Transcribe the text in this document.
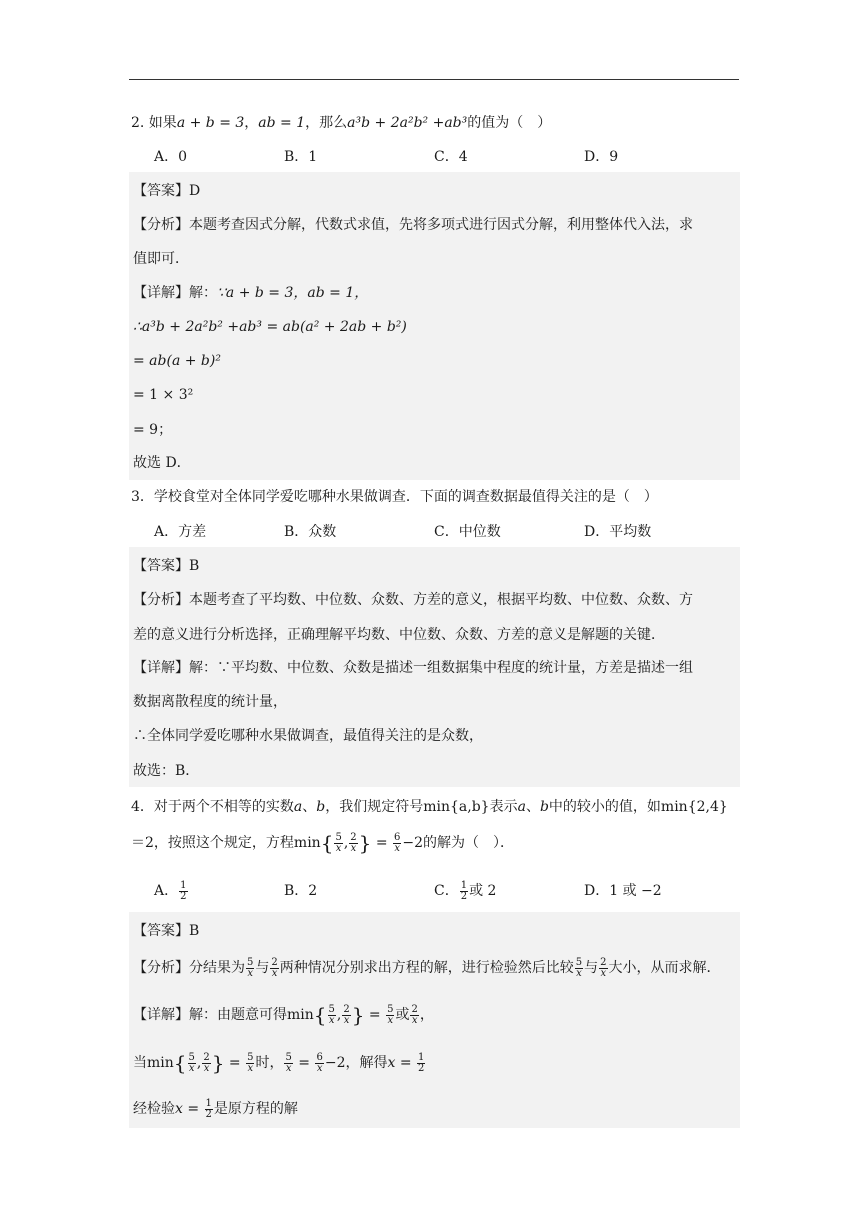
2. 如果a + b = 3，ab = 1，那么a³b + 2a²b² +ab³的值为（　）
A．0	B．1	C．4	D．9
【答案】D
【分析】本题考查因式分解，代数式求值，先将多项式进行因式分解，利用整体代入法，求
值即可．
【详解】解：∵a + b = 3，ab = 1，
∴a³b + 2a²b² +ab³ = ab(a² + 2ab + b²)
= ab(a + b)²
= 1 × 3²
= 9；
故选 D．
3．学校食堂对全体同学爱吃哪种水果做调查．下面的调查数据最值得关注的是（　）
A．方差	B．众数	C．中位数	D．平均数
【答案】B
【分析】本题考查了平均数、中位数、众数、方差的意义，根据平均数、中位数、众数、方
差的意义进行分析选择，正确理解平均数、中位数、众数、方差的意义是解题的关键．
【详解】解：∵平均数、中位数、众数是描述一组数据集中程度的统计量，方差是描述一组
数据离散程度的统计量，
∴全体同学爱吃哪种水果做调查，最值得关注的是众数，
故选：B．
4．对于两个不相等的实数a、b，我们规定符号min{a,b}表示a、b中的较小的值，如min{2,4}
＝2，按照这个规定，方程$\min\{ \frac{5}{x}$ , $\frac{2}{x}$ } = $\frac{6}{x} -2$的解为（　）．
A． $\frac{1}{2}$	B．2	C． $\frac{1}{2}$ 或 2	D．1 或 −2
【答案】B
【分析】分结果为 $\frac{5}{x}$ 与 $\frac{2}{x}$ 两种情况分别求出方程的解，进行检验然后比较 $\frac{5}{x}$ 与 $\frac{2}{x}$ 大小，从而求解．
【详解】解：由题意可得$\min\{ \frac{5}{x}$ , $\frac{2}{x}$ } = $\frac{5}{x}$ 或 $\frac{2}{x}$ ，
当$\min\{ \frac{5}{x}$ , $\frac{2}{x}$ } = $\frac{5}{x}$ 时， $\frac{5}{x} = \frac{6}{x} -2$，解得$x = \frac{1}{2}$
经检验$x = \frac{1}{2}$ 是原方程的解
